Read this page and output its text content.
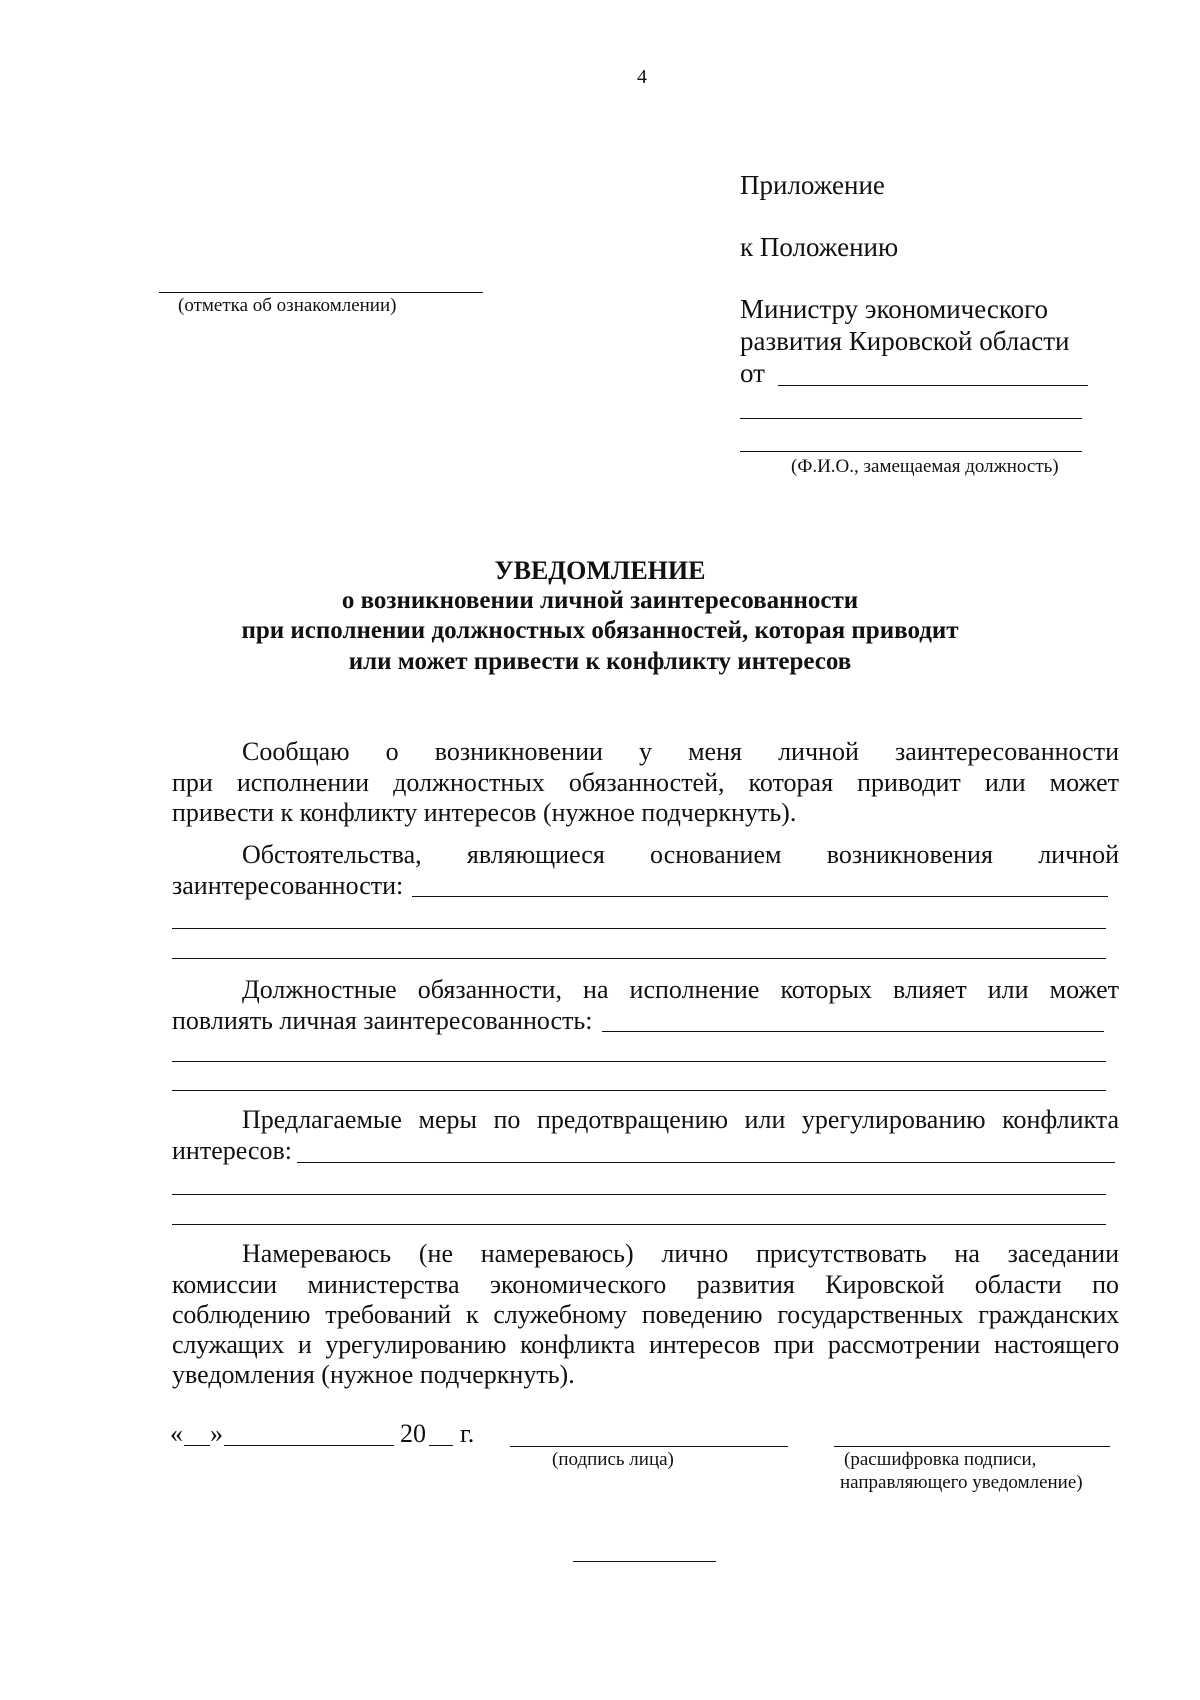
4
Приложение
к Положению
Министру экономического
развития Кировской области
от
(Ф.И.О., замещаемая должность)
(отметка об ознакомлении)
УВЕДОМЛЕНИЕ
о возникновении личной заинтересованности
при исполнении должностных обязанностей, которая приводит
или может привести к конфликту интересов
Сообщаю о возникновении у меня личной заинтересованности
при исполнении должностных обязанностей, которая приводит или может
привести к конфликту интересов (нужное подчеркнуть).
Обстоятельства, являющиеся основанием возникновения личной
заинтересованности:
Должностные обязанности, на исполнение которых влияет или может
повлиять личная заинтересованность:
Предлагаемые меры по предотвращению или урегулированию конфликта
интересов:
Намереваюсь (не намереваюсь) лично присутствовать на заседании
комиссии министерства экономического развития Кировской области по
соблюдению требований к служебному поведению государственных гражданских
служащих и урегулированию конфликта интересов при рассмотрении настоящего
уведомления (нужное подчеркнуть).
« »	20 г.
(подпись лица)	(расшифровка подписи,
направляющего уведомление)
